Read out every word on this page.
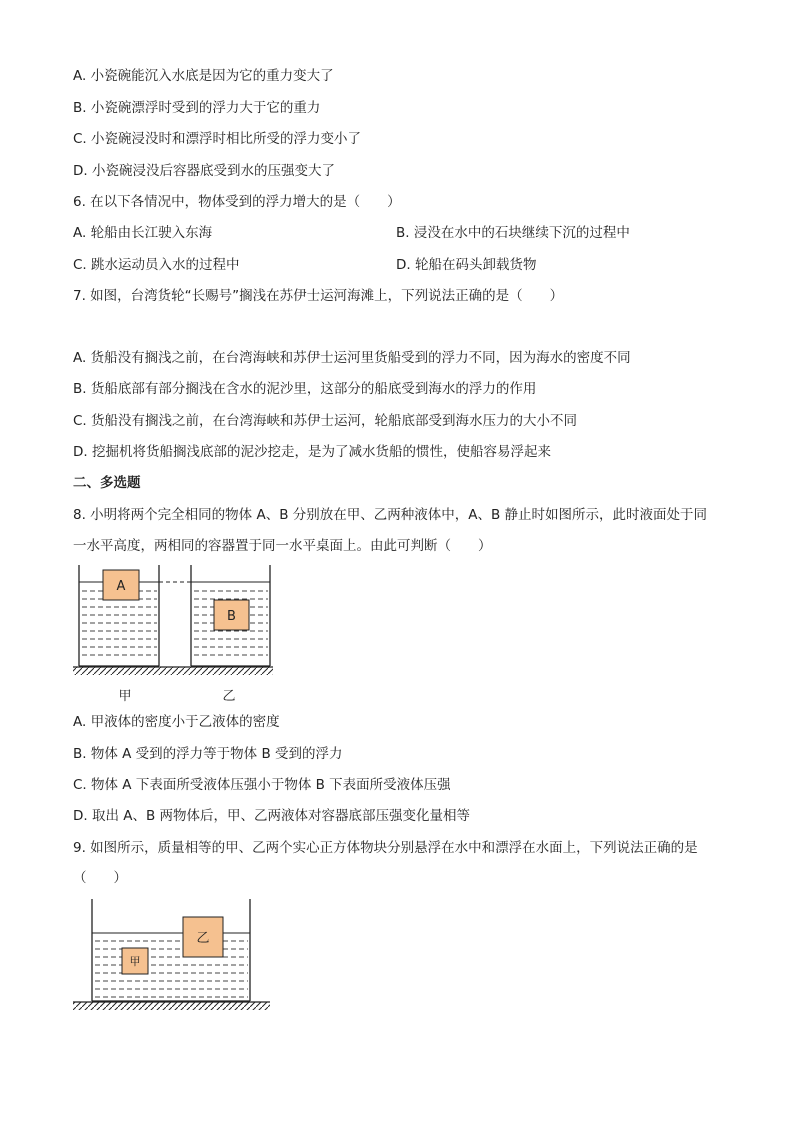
A. 小瓷碗能沉入水底是因为它的重力变大了
B. 小瓷碗漂浮时受到的浮力大于它的重力
C. 小瓷碗浸没时和漂浮时相比所受的浮力变小了
D. 小瓷碗浸没后容器底受到水的压强变大了
6. 在以下各情况中，物体受到的浮力增大的是（　　）
A. 轮船由长江驶入东海	B. 浸没在水中的石块继续下沉的过程中
C. 跳水运动员入水的过程中	D. 轮船在码头卸载货物
7. 如图，台湾货轮“长赐号”搁浅在苏伊士运河海滩上，下列说法正确的是（　　）
A. 货船没有搁浅之前，在台湾海峡和苏伊士运河里货船受到的浮力不同，因为海水的密度不同
B. 货船底部有部分搁浅在含水的泥沙里，这部分的船底受到海水的浮力的作用
C. 货船没有搁浅之前，在台湾海峡和苏伊士运河，轮船底部受到海水压力的大小不同
D. 挖掘机将货船搁浅底部的泥沙挖走，是为了减水货船的惯性，使船容易浮起来
二、多选题
8. 小明将两个完全相同的物体 A、B 分别放在甲、乙两种液体中，A、B 静止时如图所示，此时液面处于同
一水平高度，两相同的容器置于同一水平桌面上。由此可判断（　　）
A
B
甲	乙
A. 甲液体的密度小于乙液体的密度
B. 物体 A 受到的浮力等于物体 B 受到的浮力
C. 物体 A 下表面所受液体压强小于物体 B 下表面所受液体压强
D. 取出 A、B 两物体后，甲、乙两液体对容器底部压强变化量相等
9. 如图所示，质量相等的甲、乙两个实心正方体物块分别悬浮在水中和漂浮在水面上，下列说法正确的是
（　　）
乙
甲
